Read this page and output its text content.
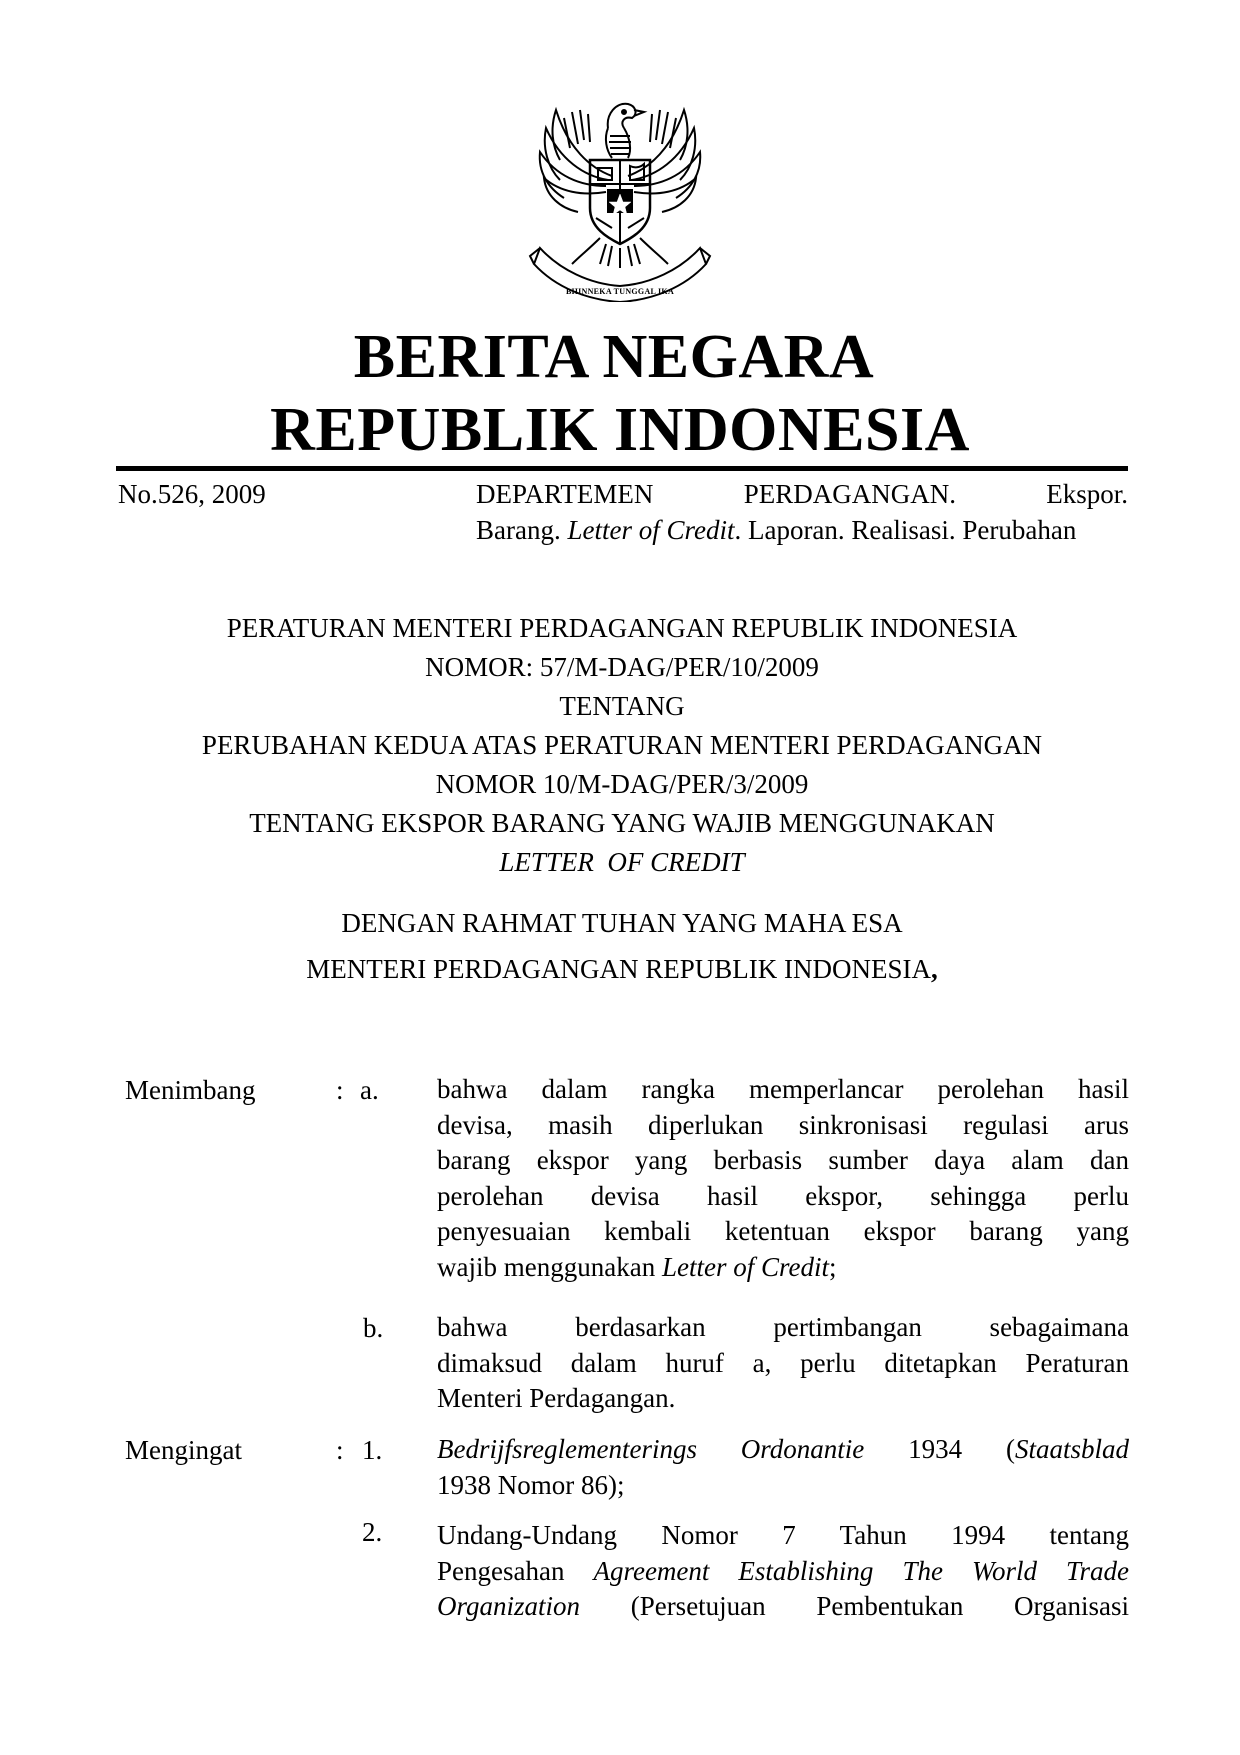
BHINNEKA TUNGGAL IKA
BERITA NEGARA
REPUBLIK INDONESIA
No.526, 2009	DEPARTEMEN	PERDAGANGAN.	Ekspor.
Barang. Letter of Credit. Laporan. Realisasi. Perubahan
PERATURAN MENTERI PERDAGANGAN REPUBLIK INDONESIA
NOMOR: 57/M-DAG/PER/10/2009
TENTANG
PERUBAHAN KEDUA ATAS PERATURAN MENTERI PERDAGANGAN
NOMOR 10/M-DAG/PER/3/2009
TENTANG EKSPOR BARANG YANG WAJIB MENGGUNAKAN
LETTER  OF CREDIT
DENGAN RAHMAT TUHAN YANG MAHA ESA
MENTERI PERDAGANGAN REPUBLIK INDONESIA,
Menimbang	: a. bahwa dalam rangka memperlancar perolehan hasil
devisa, masih diperlukan sinkronisasi regulasi arus
barang ekspor yang berbasis sumber daya alam dan
perolehan devisa hasil ekspor, sehingga perlu
penyesuaian kembali ketentuan ekspor barang yang
wajib menggunakan Letter of Credit;
b. bahwa berdasarkan pertimbangan sebagaimana
dimaksud dalam huruf a, perlu ditetapkan Peraturan
Menteri Perdagangan.
Mengingat	: 1. Bedrijfsreglementerings Ordonantie 1934 (Staatsblad
1938 Nomor 86);
2. Undang-Undang Nomor 7 Tahun 1994 tentang
Pengesahan Agreement Establishing The World Trade
Organization (Persetujuan Pembentukan Organisasi
